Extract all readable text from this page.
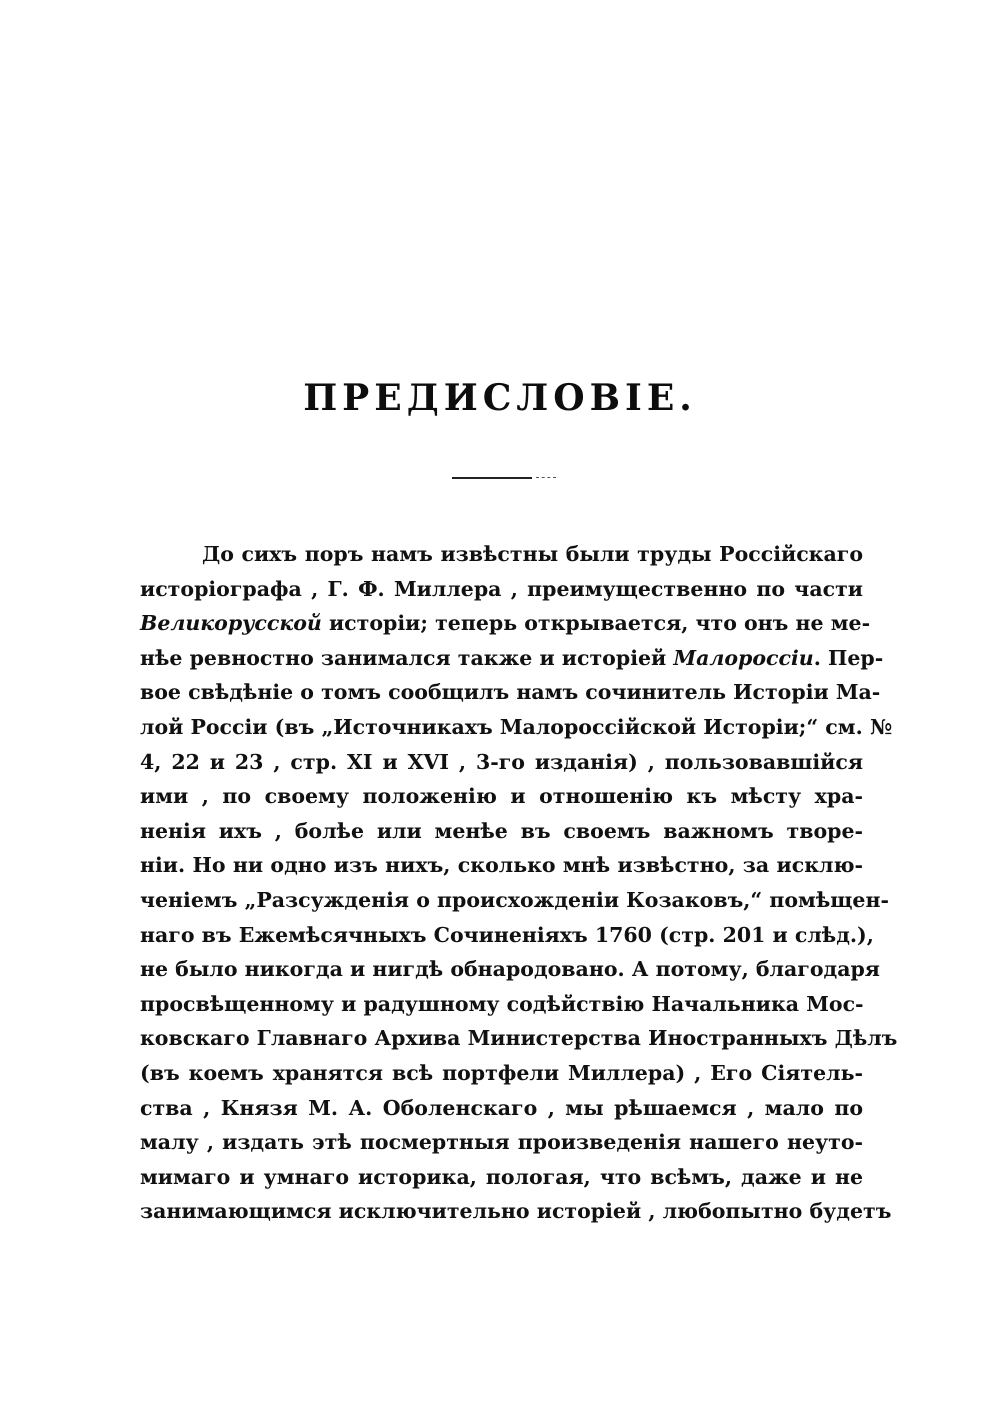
ПРЕДИСЛОВІЕ.
До сихъ поръ намъ извѣстны были труды Россійскаго
исторіографа , Г. Ф. Миллера , преимущественно по части
Великорусской исторіи; теперь открывается, что онъ не ме-
нѣе ревностно занимался также и исторіей Малороссіи. Пер-
вое свѣдѣніе о томъ сообщилъ намъ сочинитель Исторіи Ма-
лой Россіи (въ „Источникахъ Малороссійской Исторіи;“ см. №
4, 22 и 23 , стр. XI и XVI , 3-го изданія) , пользовавшійся
ими , по своему положенію и отношенію къ мѣсту хра-
ненія ихъ , болѣе или менѣе въ своемъ важномъ творе-
ніи. Но ни одно изъ нихъ, сколько мнѣ извѣстно, за исклю-
ченіемъ „Разсужденія о происхожденіи Козаковъ,“ помѣщен-
наго въ Ежемѣсячныхъ Сочиненіяхъ 1760 (стр. 201 и слѣд.),
не было никогда и нигдѣ обнародовано. А потому, благодаря
просвѣщенному и радушному содѣйствію Начальника Мос-
ковскаго Главнаго Архива Министерства Иностранныхъ Дѣлъ
(въ коемъ хранятся всѣ портфели Миллера) , Его Сіятель-
ства , Князя М. А. Оболенскаго , мы рѣшаемся , мало по
малу , издать этѣ посмертныя произведенія нашего неуто-
мимаго и умнаго историка, пологая, что всѣмъ, даже и не
занимающимся исключительно исторіей , любопытно будетъ
